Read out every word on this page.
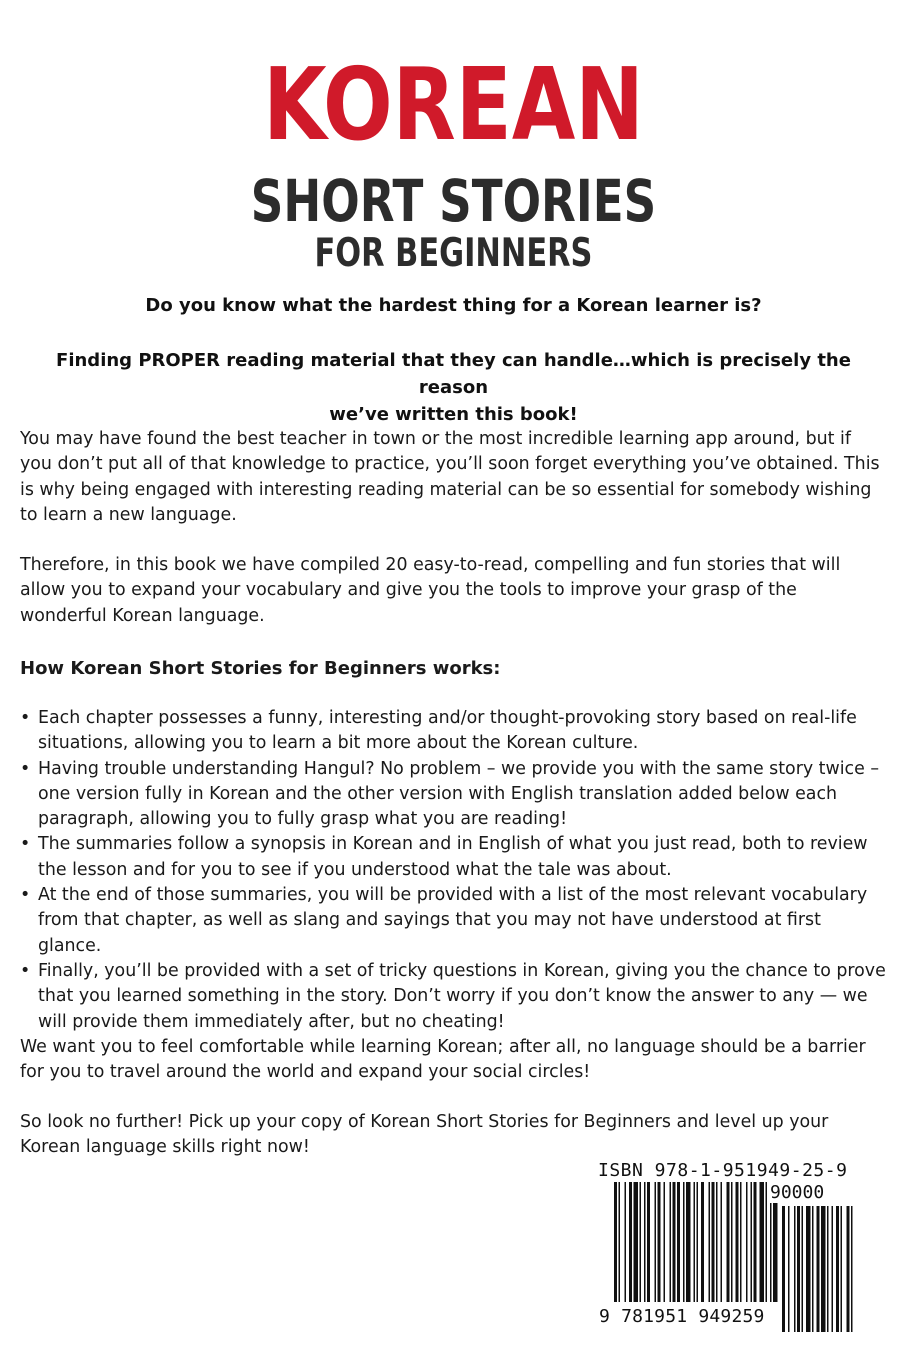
KOREAN
SHORT STORIES
FOR BEGINNERS
Do you know what the hardest thing for a Korean learner is?
Finding PROPER reading material that they can handle…which is precisely the reason
we’ve written this book!
You may have found the best teacher in town or the most incredible learning app around, but if you don’t put all of that knowledge to practice, you’ll soon forget everything you’ve obtained. This is why being engaged with interesting reading material can be so essential for somebody wishing to learn a new language.
Therefore, in this book we have compiled 20 easy-to-read, compelling and fun stories that will allow you to expand your vocabulary and give you the tools to improve your grasp of the wonderful Korean language.
How Korean Short Stories for Beginners works:
• Each chapter possesses a funny, interesting and/or thought-provoking story based on real-life situations, allowing you to learn a bit more about the Korean culture.
• Having trouble understanding Hangul? No problem – we provide you with the same story twice – one version fully in Korean and the other version with English translation added below each paragraph, allowing you to fully grasp what you are reading!
• The summaries follow a synopsis in Korean and in English of what you just read, both to review the lesson and for you to see if you understood what the tale was about.
• At the end of those summaries, you will be provided with a list of the most relevant vocabulary from that chapter, as well as slang and sayings that you may not have understood at first glance.
• Finally, you’ll be provided with a set of tricky questions in Korean, giving you the chance to prove that you learned something in the story. Don’t worry if you don’t know the answer to any — we will provide them immediately after, but no cheating!
We want you to feel comfortable while learning Korean; after all, no language should be a barrier for you to travel around the world and expand your social circles!
So look no further! Pick up your copy of Korean Short Stories for Beginners and level up your Korean language skills right now!
ISBN 978-1-951949-25-9
90000
9 781951 949259
